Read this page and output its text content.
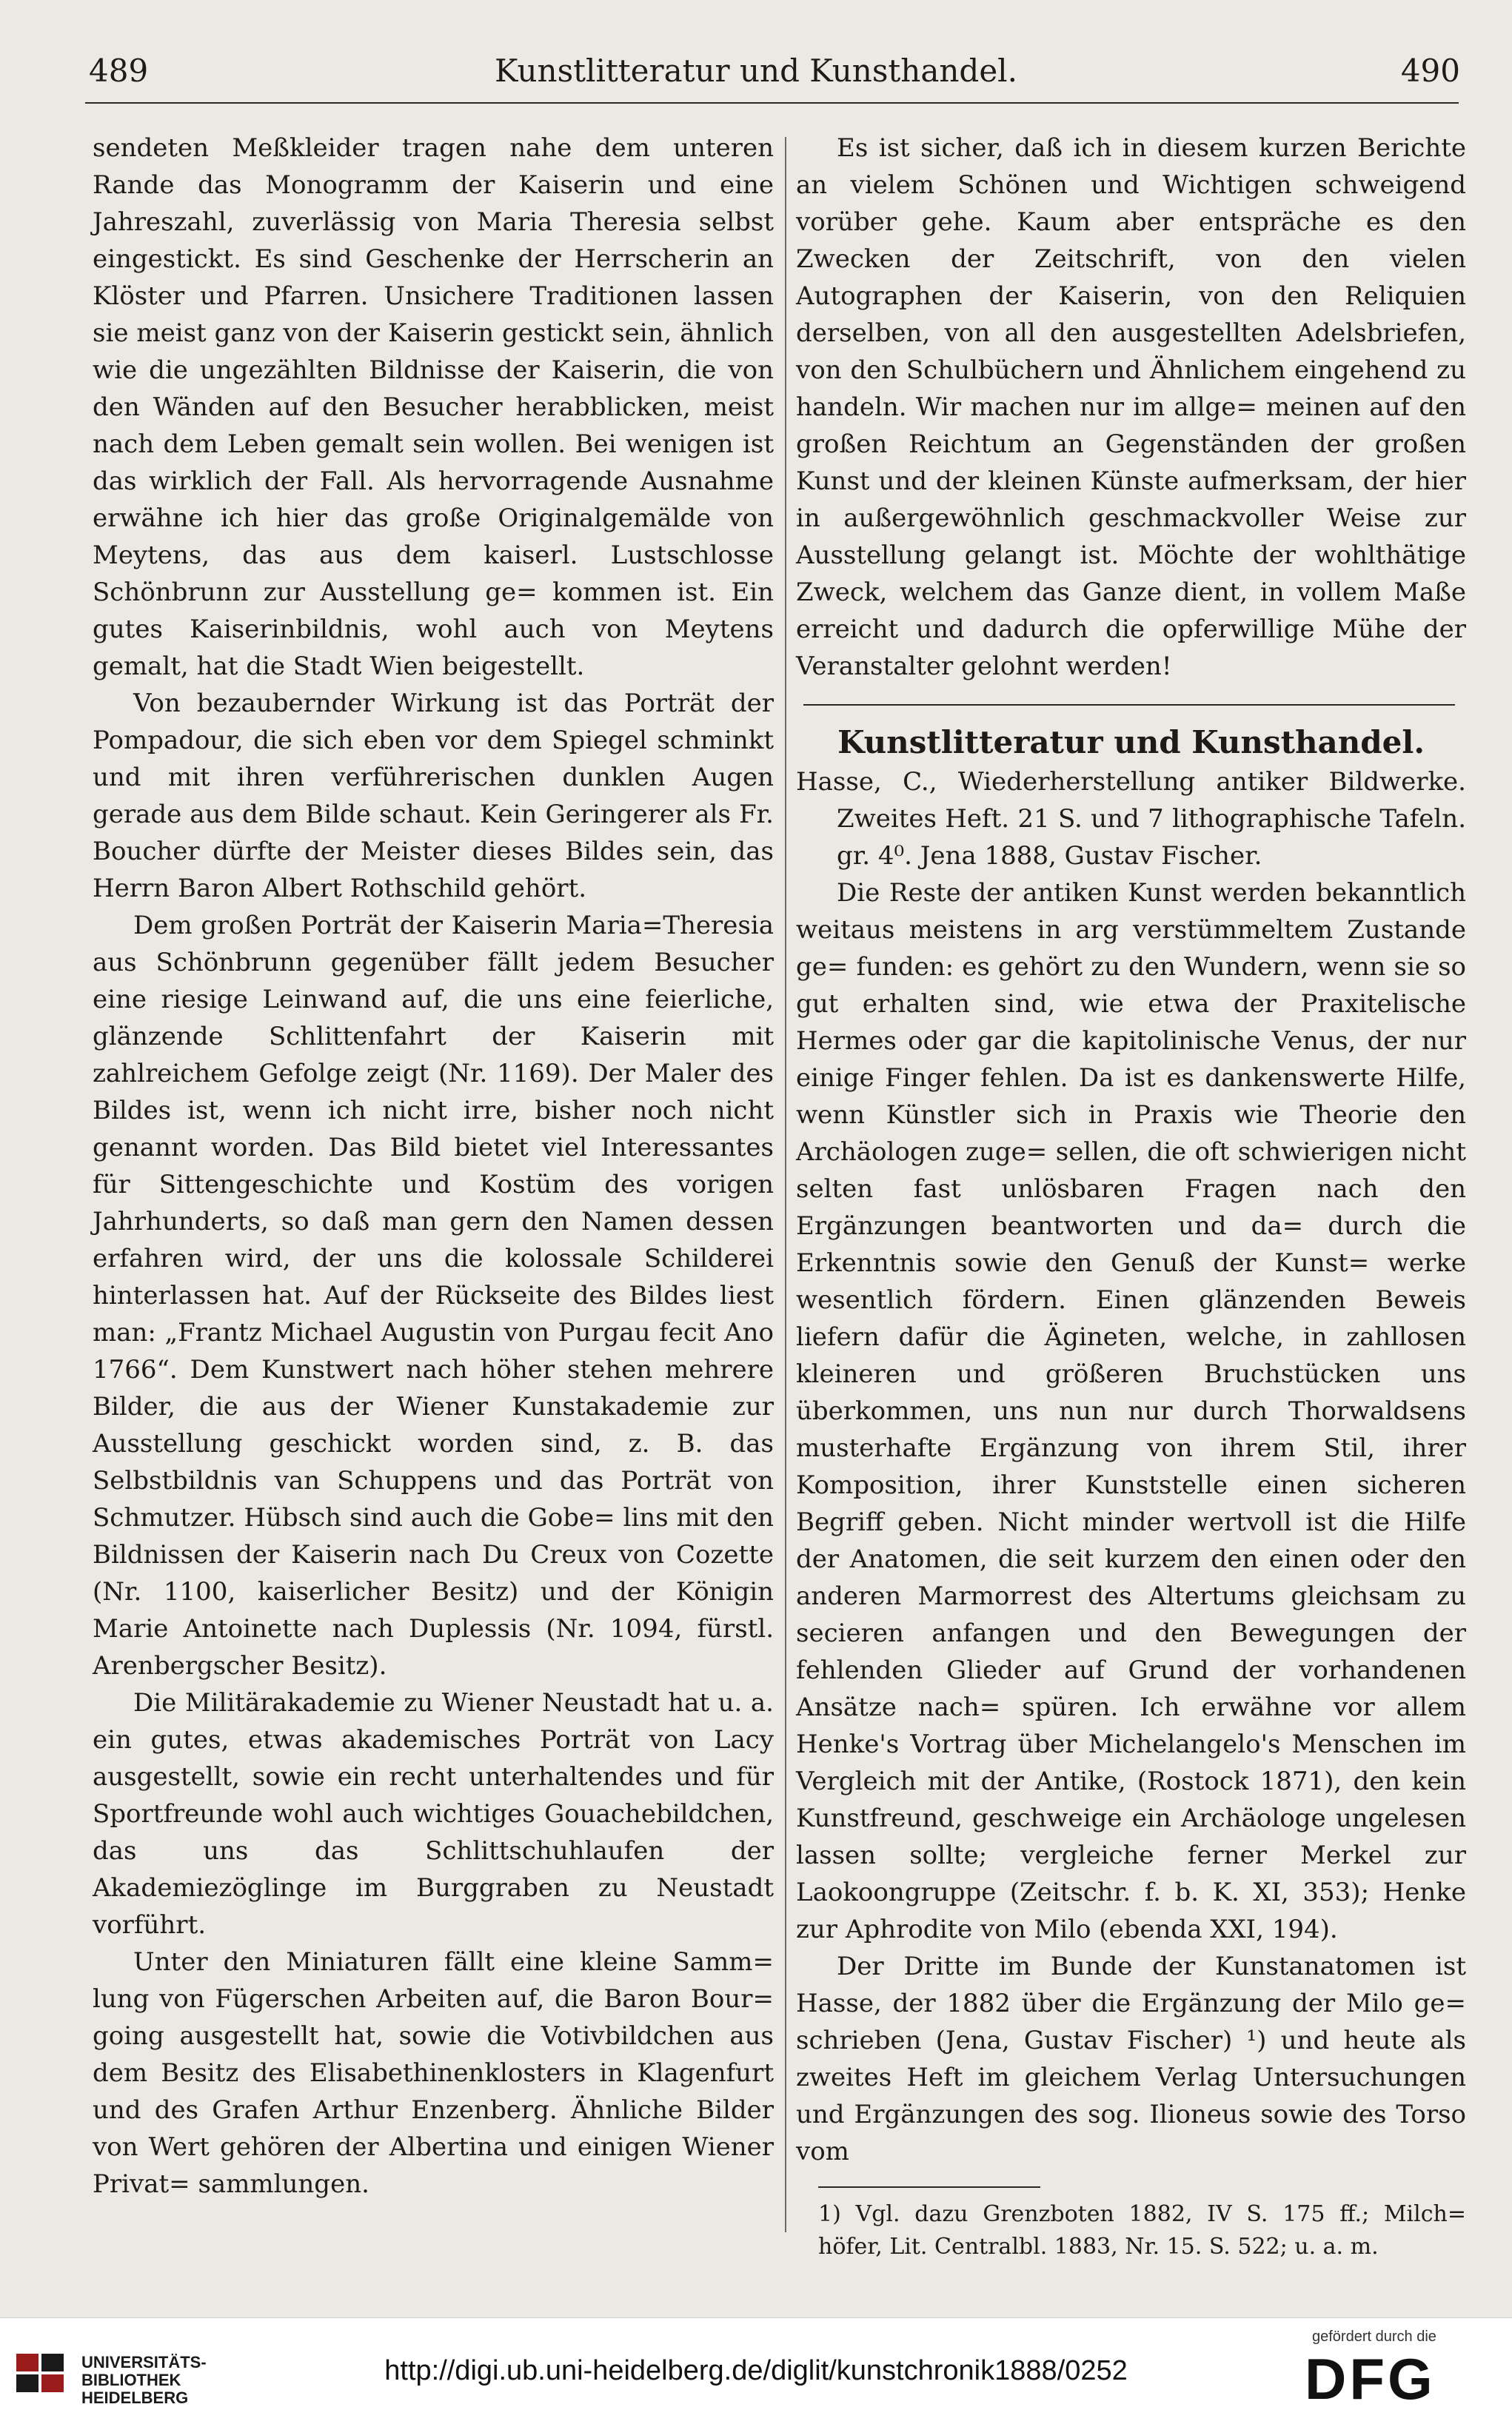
489	Kunstlitteratur und Kunsthandel.	490

sendeten Meßkleider tragen nahe dem unteren Rande das Monogramm der Kaiserin und eine Jahreszahl, zuverlässig von Maria Theresia selbst eingestickt. Es sind Geschenke der Herrscherin an Klöster und Pfarren. Unsichere Traditionen lassen sie meist ganz von der Kaiserin gestickt sein, ähnlich wie die ungezählten Bildnisse der Kaiserin, die von den Wänden auf den Besucher herabblicken, meist nach dem Leben gemalt sein wollen. Bei wenigen ist das wirklich der Fall. Als hervorragende Ausnahme erwähne ich hier das große Originalgemälde von Meytens, das aus dem kaiserl. Lustschlosse Schönbrunn zur Ausstellung ge= kommen ist. Ein gutes Kaiserinbildnis, wohl auch von Meytens gemalt, hat die Stadt Wien beigestellt.

Von bezaubernder Wirkung ist das Porträt der Pompadour, die sich eben vor dem Spiegel schminkt und mit ihren verführerischen dunklen Augen gerade aus dem Bilde schaut. Kein Geringerer als Fr. Boucher dürfte der Meister dieses Bildes sein, das Herrn Baron Albert Rothschild gehört.

Dem großen Porträt der Kaiserin Maria=Theresia aus Schönbrunn gegenüber fällt jedem Besucher eine riesige Leinwand auf, die uns eine feierliche, glänzende Schlittenfahrt der Kaiserin mit zahlreichem Gefolge zeigt (Nr. 1169). Der Maler des Bildes ist, wenn ich nicht irre, bisher noch nicht genannt worden. Das Bild bietet viel Interessantes für Sittengeschichte und Kostüm des vorigen Jahrhunderts, so daß man gern den Namen dessen erfahren wird, der uns die kolossale Schilderei hinterlassen hat. Auf der Rückseite des Bildes liest man: „Frantz Michael Augustin von Purgau fecit Ano 1766“. Dem Kunstwert nach höher stehen mehrere Bilder, die aus der Wiener Kunstakademie zur Ausstellung geschickt worden sind, z. B. das Selbstbildnis van Schuppens und das Porträt von Schmutzer. Hübsch sind auch die Gobe= lins mit den Bildnissen der Kaiserin nach Du Creux von Cozette (Nr. 1100, kaiserlicher Besitz) und der Königin Marie Antoinette nach Duplessis (Nr. 1094, fürstl. Arenbergscher Besitz).

Die Militärakademie zu Wiener Neustadt hat u. a. ein gutes, etwas akademisches Porträt von Lacy ausgestellt, sowie ein recht unterhaltendes und für Sportfreunde wohl auch wichtiges Gouachebildchen, das uns das Schlittschuhlaufen der Akademiezöglinge im Burggraben zu Neustadt vorführt.

Unter den Miniaturen fällt eine kleine Samm= lung von Fügerschen Arbeiten auf, die Baron Bour= going ausgestellt hat, sowie die Votivbildchen aus dem Besitz des Elisabethinenklosters in Klagenfurt und des Grafen Arthur Enzenberg. Ähnliche Bilder von Wert gehören der Albertina und einigen Wiener Privat= sammlungen.

Es ist sicher, daß ich in diesem kurzen Berichte an vielem Schönen und Wichtigen schweigend vorüber gehe. Kaum aber entspräche es den Zwecken der Zeitschrift, von den vielen Autographen der Kaiserin, von den Reliquien derselben, von all den ausgestellten Adelsbriefen, von den Schulbüchern und Ähnlichem eingehend zu handeln. Wir machen nur im allge= meinen auf den großen Reichtum an Gegenständen der großen Kunst und der kleinen Künste aufmerksam, der hier in außergewöhnlich geschmackvoller Weise zur Ausstellung gelangt ist. Möchte der wohlthätige Zweck, welchem das Ganze dient, in vollem Maße erreicht und dadurch die opferwillige Mühe der Veranstalter gelohnt werden!

Kunstlitteratur und Kunsthandel.

Hasse, C., Wiederherstellung antiker Bildwerke. Zweites Heft. 21 S. und 7 lithographische Tafeln. gr. 4⁰. Jena 1888, Gustav Fischer.

Die Reste der antiken Kunst werden bekanntlich weitaus meistens in arg verstümmeltem Zustande ge= funden: es gehört zu den Wundern, wenn sie so gut erhalten sind, wie etwa der Praxitelische Hermes oder gar die kapitolinische Venus, der nur einige Finger fehlen. Da ist es dankenswerte Hilfe, wenn Künstler sich in Praxis wie Theorie den Archäologen zuge= sellen, die oft schwierigen nicht selten fast unlösbaren Fragen nach den Ergänzungen beantworten und da= durch die Erkenntnis sowie den Genuß der Kunst= werke wesentlich fördern. Einen glänzenden Beweis liefern dafür die Ägineten, welche, in zahllosen kleineren und größeren Bruchstücken uns überkommen, uns nun nur durch Thorwaldsens musterhafte Ergänzung von ihrem Stil, ihrer Komposition, ihrer Kunststelle einen sicheren Begriff geben. Nicht minder wertvoll ist die Hilfe der Anatomen, die seit kurzem den einen oder den anderen Marmorrest des Altertums gleichsam zu secieren anfangen und den Bewegungen der fehlenden Glieder auf Grund der vorhandenen Ansätze nach= spüren. Ich erwähne vor allem Henke's Vortrag über Michelangelo's Menschen im Vergleich mit der Antike, (Rostock 1871), den kein Kunstfreund, geschweige ein Archäologe ungelesen lassen sollte; vergleiche ferner Merkel zur Laokoongruppe (Zeitschr. f. b. K. XI, 353); Henke zur Aphrodite von Milo (ebenda XXI, 194).

Der Dritte im Bunde der Kunstanatomen ist Hasse, der 1882 über die Ergänzung der Milo ge= schrieben (Jena, Gustav Fischer) ¹) und heute als zweites Heft im gleichem Verlag Untersuchungen und Ergänzungen des sog. Ilioneus sowie des Torso vom

1) Vgl. dazu Grenzboten 1882, IV S. 175 ff.; Milch= höfer, Lit. Centralbl. 1883, Nr. 15. S. 522; u. a. m.

UNIVERSITÄTS-
BIBLIOTHEK
HEIDELBERG
http://digi.ub.uni-heidelberg.de/diglit/kunstchronik1888/0252
gefördert durch die
DFG
